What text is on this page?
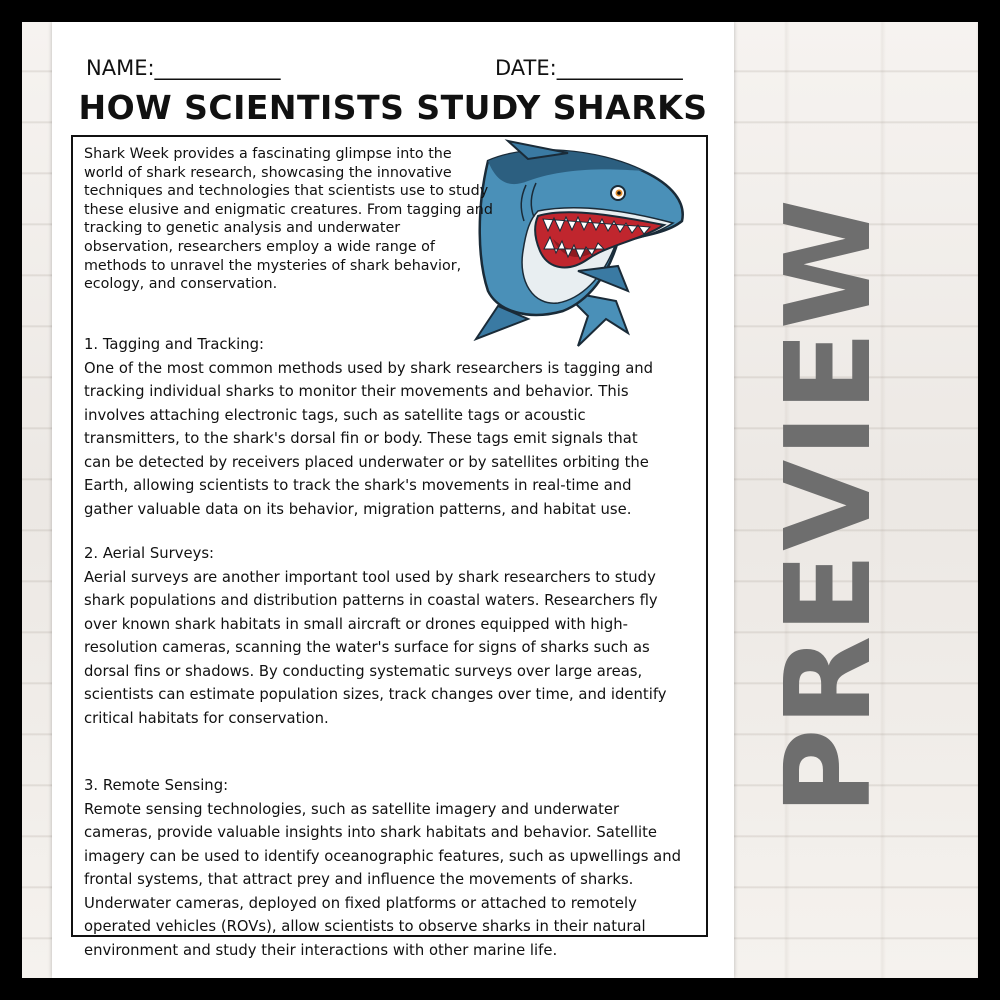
NAME:____________	DATE:____________
HOW SCIENTISTS STUDY SHARKS
Shark Week provides a fascinating glimpse into the
world of shark research, showcasing the innovative
techniques and technologies that scientists use to study
these elusive and enigmatic creatures. From tagging and
tracking to genetic analysis and underwater
observation, researchers employ a wide range of
methods to unravel the mysteries of shark behavior,
ecology, and conservation.

1. Tagging and Tracking:

One of the most common methods used by shark researchers is tagging and

tracking individual sharks to monitor their movements and behavior. This

involves attaching electronic tags, such as satellite tags or acoustic

transmitters, to the shark's dorsal fin or body. These tags emit signals that

can be detected by receivers placed underwater or by satellites orbiting the

Earth, allowing scientists to track the shark's movements in real-time and

gather valuable data on its behavior, migration patterns, and habitat use.

2. Aerial Surveys:

Aerial surveys are another important tool used by shark researchers to study

shark populations and distribution patterns in coastal waters. Researchers fly

over known shark habitats in small aircraft or drones equipped with high-

resolution cameras, scanning the water's surface for signs of sharks such as

dorsal fins or shadows. By conducting systematic surveys over large areas,

scientists can estimate population sizes, track changes over time, and identify

critical habitats for conservation.

3. Remote Sensing:

Remote sensing technologies, such as satellite imagery and underwater

cameras, provide valuable insights into shark habitats and behavior. Satellite

imagery can be used to identify oceanographic features, such as upwellings and

frontal systems, that attract prey and influence the movements of sharks.

Underwater cameras, deployed on fixed platforms or attached to remotely

operated vehicles (ROVs), allow scientists to observe sharks in their natural

environment and study their interactions with other marine life.

PREVIEW
